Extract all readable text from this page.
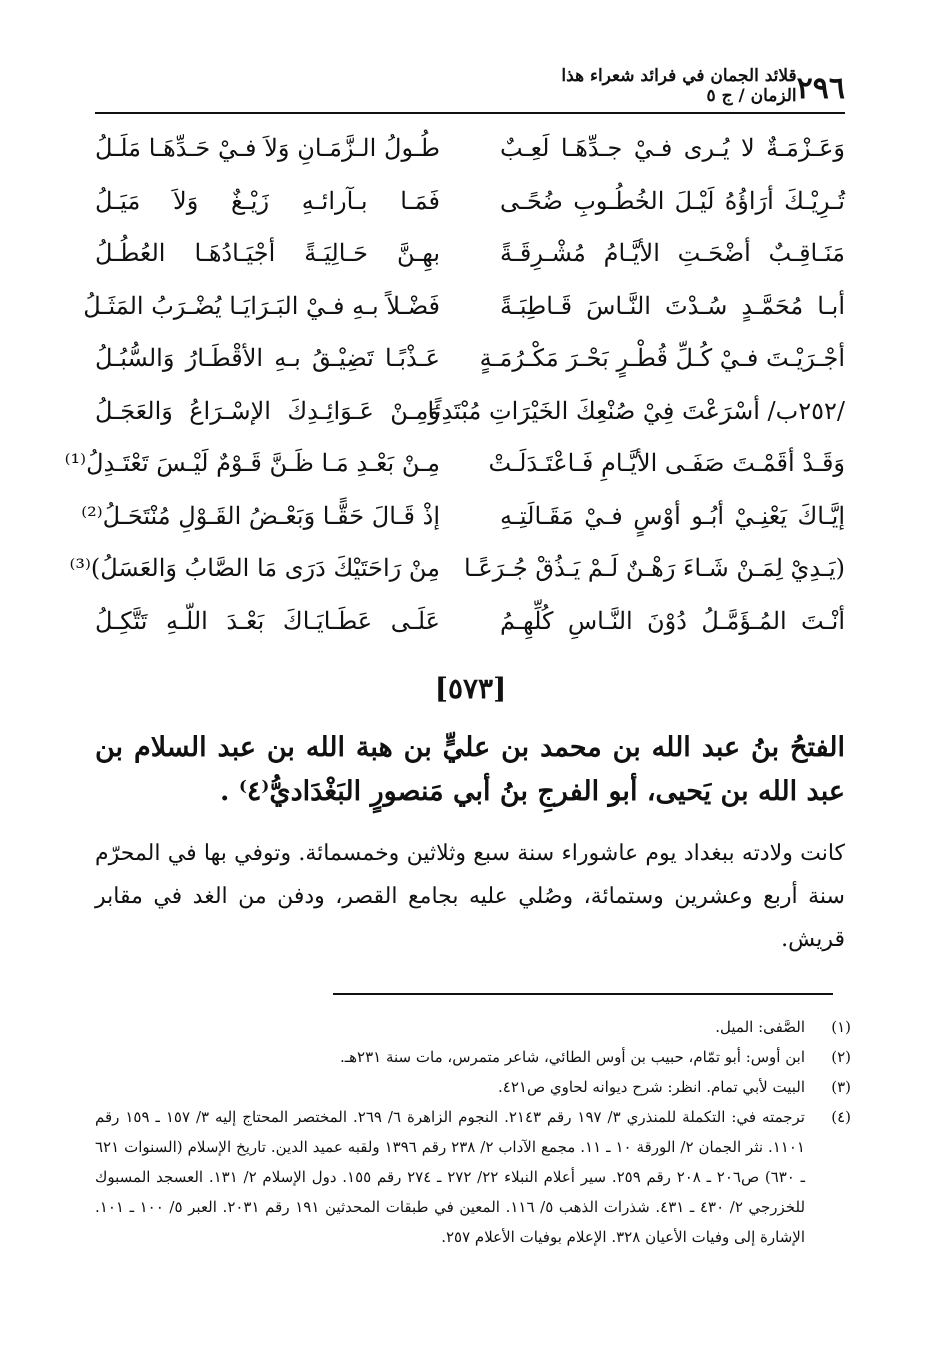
٢٩٦
قلائد الجمان في فرائد شعراء هذا الزمان / ج ٥
وَعَـزْمَـةٌ لا يُـرى فـيْ جـدِّهَـا لَعِـبٌ
طُـولُ الـزَّمَـانِ وَلاَ فـيْ حَـدِّهَـا مَلَـلُ
تُـرِيْـكَ أرَاؤُهُ لَيْـلَ الخُطُـوبِ ضُحًـى
فَمَـا بـآرائـهِ زَيْـغٌ وَلاَ مَيَـلُ
مَنَـاقِـبٌ أضْحَـتِ الأيَّـامُ مُشْـرِقَـةً
بهِـنَّ حَـالِيَـةً أجْيَـادُهَـا العُطُـلُ
أبـا مُحَمَّـدٍ سُـدْتَ النَّـاسَ قَـاطِبَـةً
فَضْـلاً بـهِ فـيْ البَـرَايَـا يُضْـرَبُ المَثَـلُ
أجْـرَيْـتَ فـيْ كُـلِّ قُطْـرٍ بَحْـرَ مَكْـرُمَـةٍ
عَـذْبًـا تَضِيْـقُ بـهِ الأقْطَـارُ وَالسُّبُـلُ
/٢٥٢ب/ أسْرَعْتَ فِيْ صُنْعِكَ الخَيْرَاتِ مُبْتَدِئًا
وَمِـنْ عَـوَائِـدِكَ الإسْـرَاعُ وَالعَجَـلُ
وَقَـدْ أقَمْـتَ صَفَـى الأيَّـامِ فَـاعْتَـدَلَـتْ
مِـنْ بَعْـدِ مَـا ظَـنَّ قَـوْمٌ لَيْـسَ تَعْتَـدِلُ⁽¹⁾
إيَّـاكَ يَعْنِـيْ أبُـو أوْسٍ فـيْ مَقَـالَتِـهِ
إذْ قَـالَ حَقًّـا وَبَعْـضُ القَـوْلِ مُنْتَحَـلُ⁽²⁾
(يَـدِيْ لِمَـنْ شَـاءَ رَهْـنٌ لَـمْ يَـذُقْ جُـرَعًـا
مِنْ رَاحَتَيْكَ دَرَى مَا الصَّابُ وَالعَسَلُ)⁽³⁾
أنْـتَ المُـؤَمَّـلُ دُوْنَ النَّـاسِ كُلِّهِـمُ
عَلَـى عَطَـايَـاكَ بَعْـدَ اللّـهِ تَتَّكِـلُ
[٥٧٣]
الفتحُ بنُ عبد الله بن محمد بن عليٍّ بن هبة الله بن عبد السلام بن عبد الله بن يَحيى، أبو الفرجِ بنُ أبي مَنصورٍ البَغْدَاديُّ⁽٤⁾ .
كانت ولادته ببغداد يوم عاشوراء سنة سبع وثلاثين وخمسمائة. وتوفي بها في المحرّم سنة أربع وعشرين وستمائة، وصُلي عليه بجامع القصر، ودفن من الغد في مقابر قريش.
(١)
الصَّفى: الميل.
(٢)
ابن أوس: أبو تمّام، حبيب بن أوس الطائي، شاعر متمرس، مات سنة ٢٣١هـ.
(٣)
البيت لأبي تمام. انظر: شرح ديوانه لحاوي ص٤٢١.
(٤)
ترجمته في: التكملة للمنذري ٣/ ١٩٧ رقم ٢١٤٣. النجوم الزاهرة ٦/ ٢٦٩. المختصر المحتاج إليه ٣/ ١٥٧ ـ ١٥٩ رقم ١١٠١. نثر الجمان ٢/ الورقة ١٠ ـ ١١. مجمع الآداب ٢/ ٢٣٨ رقم ١٣٩٦ ولقبه عميد الدين. تاريخ الإسلام (السنوات ٦٢١ ـ ٦٣٠) ص٢٠٦ ـ ٢٠٨ رقم ٢٥٩. سير أعلام النبلاء ٢٢/ ٢٧٢ ـ ٢٧٤ رقم ١٥٥. دول الإسلام ٢/ ١٣١. العسجد المسبوك للخزرجي ٢/ ٤٣٠ ـ ٤٣١. شذرات الذهب ٥/ ١١٦. المعين في طبقات المحدثين ١٩١ رقم ٢٠٣١. العبر ٥/ ١٠٠ ـ ١٠١. الإشارة إلى وفيات الأعيان ٣٢٨. الإعلام بوفيات الأعلام ٢٥٧.
